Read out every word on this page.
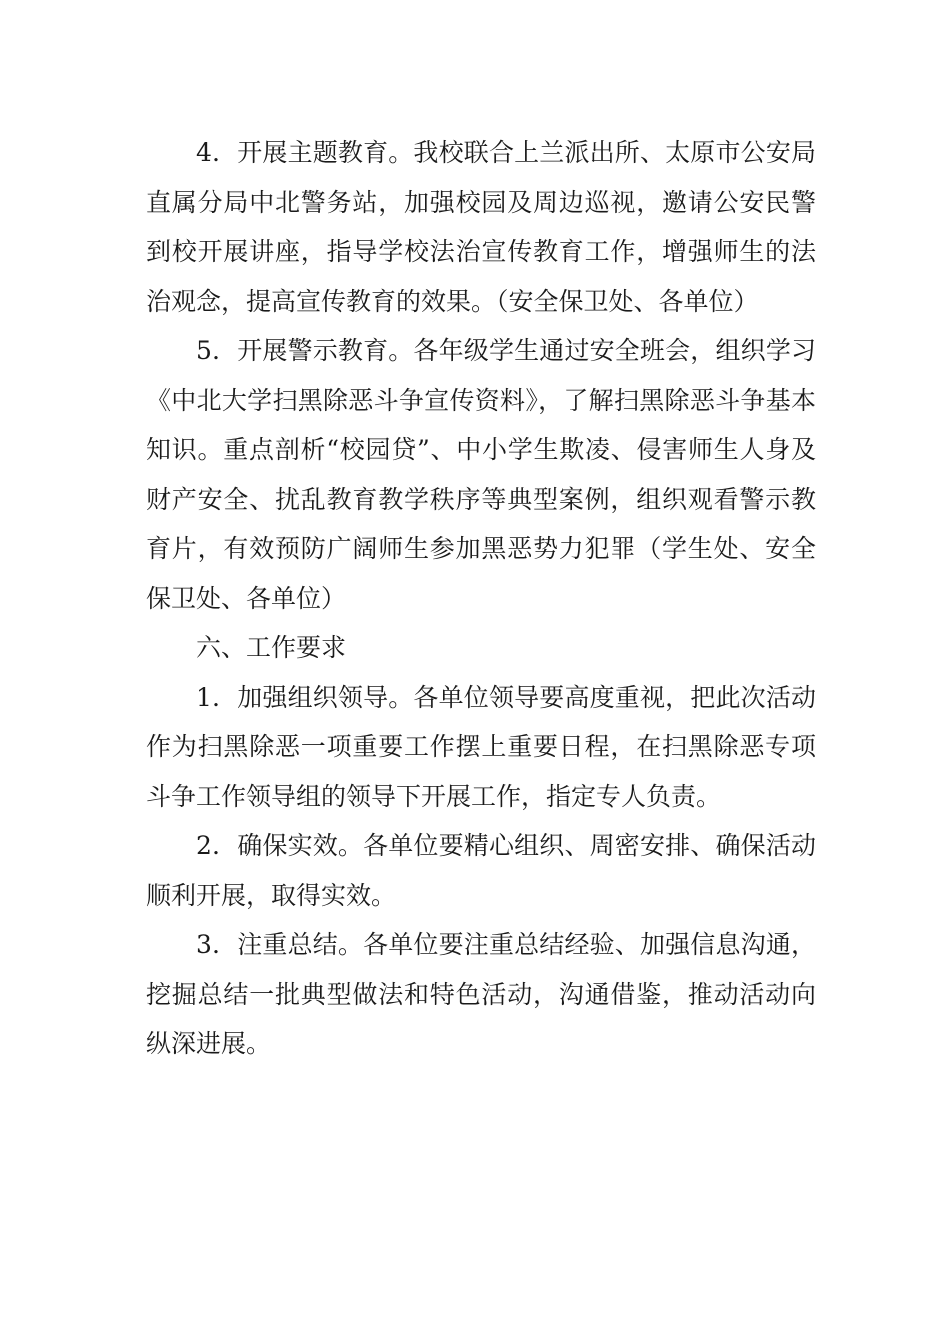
4．开展主题教育。我校联合上兰派出所、太原市公安局直属分局中北警务站，加强校园及周边巡视，邀请公安民警到校开展讲座，指导学校法治宣传教育工作，增强师生的法治观念，提高宣传教育的效果。（安全保卫处、各单位）

5．开展警示教育。各年级学生通过安全班会，组织学习《中北大学扫黑除恶斗争宣传资料》，了解扫黑除恶斗争基本知识。重点剖析“校园贷”、中小学生欺凌、侵害师生人身及财产安全、扰乱教育教学秩序等典型案例，组织观看警示教育片，有效预防广阔师生参加黑恶势力犯罪（学生处、安全保卫处、各单位）

六、工作要求

1．加强组织领导。各单位领导要高度重视，把此次活动作为扫黑除恶一项重要工作摆上重要日程，在扫黑除恶专项斗争工作领导组的领导下开展工作，指定专人负责。

2．确保实效。各单位要精心组织、周密安排、确保活动顺利开展，取得实效。

3．注重总结。各单位要注重总结经验、加强信息沟通，挖掘总结一批典型做法和特色活动，沟通借鉴，推动活动向纵深进展。
